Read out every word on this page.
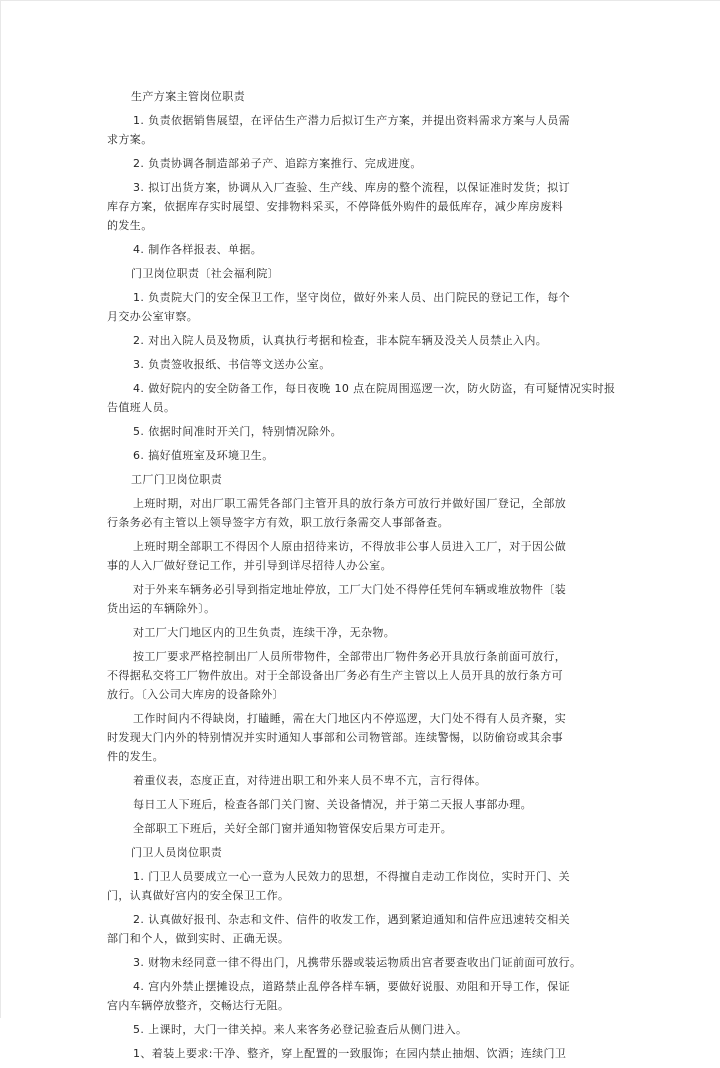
生产方案主管岗位职责
1. 负责依据销售展望，在评估生产潜力后拟订生产方案，并提出资料需求方案与人员需
求方案。
2. 负责协调各制造部弟子产、追踪方案推行、完成进度。
3. 拟订出货方案，协调从入厂查验、生产线、库房的整个流程，以保证准时发货；拟订
库存方案，依据库存实时展望、安排物料采买，不停降低外购件的最低库存，减少库房废料
的发生。
4. 制作各样报表、单据。
门卫岗位职责〔社会福利院〕
1. 负责院大门的安全保卫工作，坚守岗位，做好外来人员、出门院民的登记工作，每个
月交办公室审察。
2. 对出入院人员及物质，认真执行考据和检查，非本院车辆及没关人员禁止入内。
3. 负责签收报纸、书信等文送办公室。
4. 做好院内的安全防备工作，每日夜晚 10 点在院周围巡逻一次，防火防盗，有可疑情况实时报
告值班人员。
5. 依据时间准时开关门，特别情况除外。
6. 搞好值班室及环境卫生。
工厂门卫岗位职责
上班时期，对出厂职工需凭各部门主管开具的放行条方可放行并做好国厂登记，全部放
行条务必有主管以上领导签字方有效，职工放行条需交人事部备查。
上班时期全部职工不得因个人原由招待来访，不得放非公事人员进入工厂，对于因公做
事的人入厂做好登记工作，并引导到详尽招待人办公室。
对于外来车辆务必引导到指定地址停放，工厂大门处不得停任凭何车辆或堆放物件〔装
货出运的车辆除外〕。
对工厂大门地区内的卫生负责，连续干净，无杂物。
按工厂要求严格控制出厂人员所带物件，全部带出厂物件务必开具放行条前面可放行，
不得据私交将工厂物件放出。对于全部设备出厂务必有生产主管以上人员开具的放行条方可
放行。〔入公司大库房的设备除外〕
工作时间内不得缺岗，打瞌睡，需在大门地区内不停巡逻，大门处不得有人员齐聚，实
时发现大门内外的特别情况并实时通知人事部和公司物管部。连续警惕，以防偷窃或其余事
件的发生。
着重仪表，态度正直，对待进出职工和外来人员不卑不亢，言行得体。
每日工人下班后，检查各部门关门窗、关设备情况，并于第二天报人事部办理。
全部职工下班后，关好全部门窗并通知物管保安后果方可走开。
门卫人员岗位职责
1. 门卫人员要成立一心一意为人民效力的思想，不得擅自走动工作岗位，实时开门、关
门，认真做好宫内的安全保卫工作。
2. 认真做好报刊、杂志和文件、信件的收发工作，遇到紧迫通知和信件应迅速转交相关
部门和个人，做到实时、正确无误。
3. 财物未经同意一律不得出门，凡携带乐器或装运物质出宫者要查收出门证前面可放行。
4. 宫内外禁止摆摊设点，道路禁止乱停各样车辆，要做好说服、劝阻和开导工作，保证
宫内车辆停放整齐，交畅达行无阻。
5. 上课时，大门一律关掉。来人来客务必登记验查后从侧门进入。
1、着装上要求:干净、整齐，穿上配置的一致服饰；在园内禁止抽烟、饮酒；连续门卫
